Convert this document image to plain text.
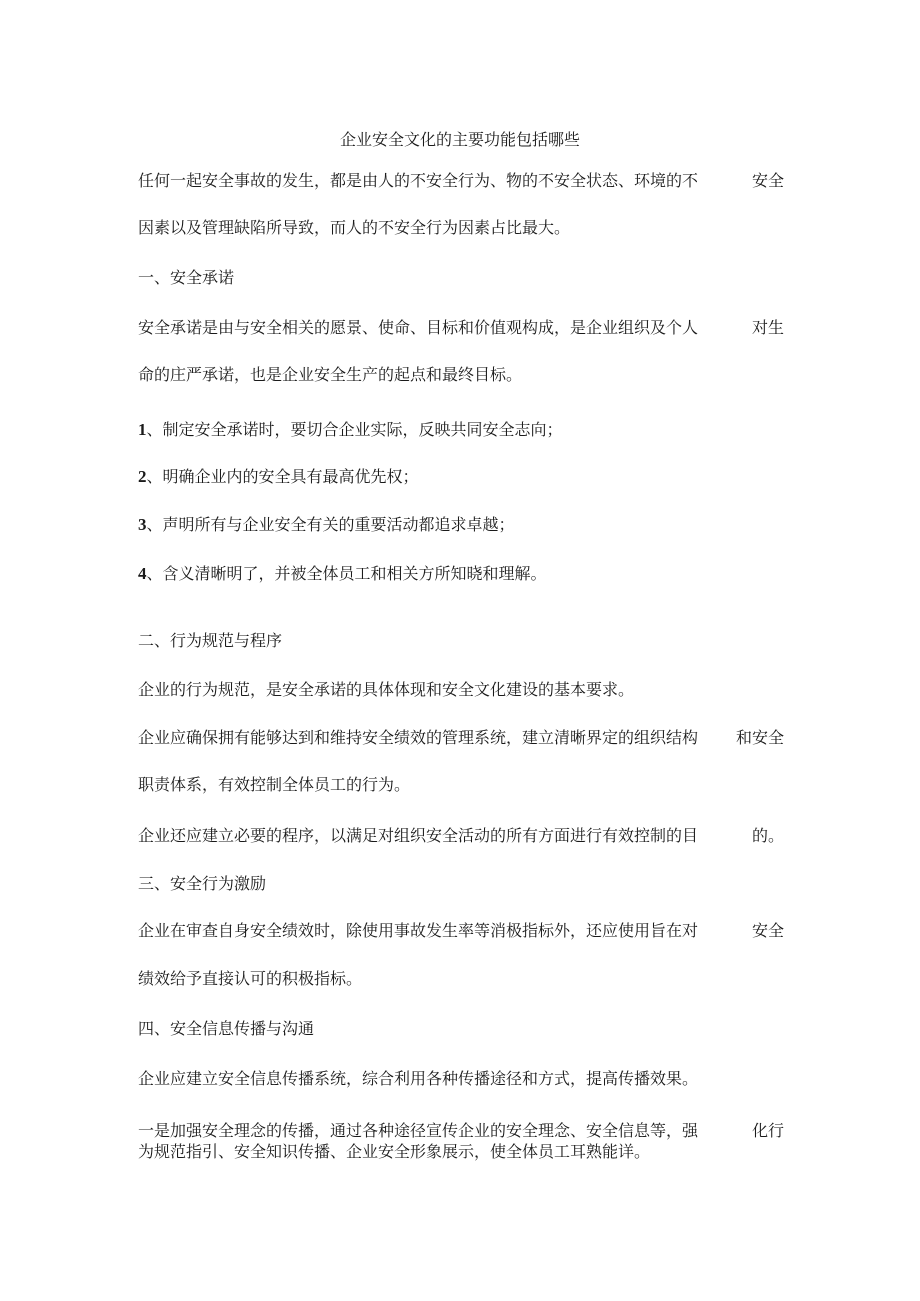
企业安全文化的主要功能包括哪些
任何一起安全事故的发生，都是由人的不安全行为、物的不安全状态、环境的不	安全
因素以及管理缺陷所导致，而人的不安全行为因素占比最大。
一、安全承诺
安全承诺是由与安全相关的愿景、使命、目标和价值观构成，是企业组织及个人	对生
命的庄严承诺，也是企业安全生产的起点和最终目标。
1、制定安全承诺时，要切合企业实际，反映共同安全志向；
2、明确企业内的安全具有最高优先权；
3、声明所有与企业安全有关的重要活动都追求卓越；
4、含义清晰明了，并被全体员工和相关方所知晓和理解。
二、行为规范与程序
企业的行为规范，是安全承诺的具体体现和安全文化建设的基本要求。
企业应确保拥有能够达到和维持安全绩效的管理系统，建立清晰界定的组织结构 和安全
职责体系，有效控制全体员工的行为。
企业还应建立必要的程序，以满足对组织安全活动的所有方面进行有效控制的目	的。
三、安全行为激励
企业在审查自身安全绩效时，除使用事故发生率等消极指标外，还应使用旨在对	安全
绩效给予直接认可的积极指标。
四、安全信息传播与沟通
企业应建立安全信息传播系统，综合利用各种传播途径和方式，提高传播效果。
一是加强安全理念的传播，通过各种途径宣传企业的安全理念、安全信息等，强	化行
为规范指引、安全知识传播、企业安全形象展示，使全体员工耳熟能详。
